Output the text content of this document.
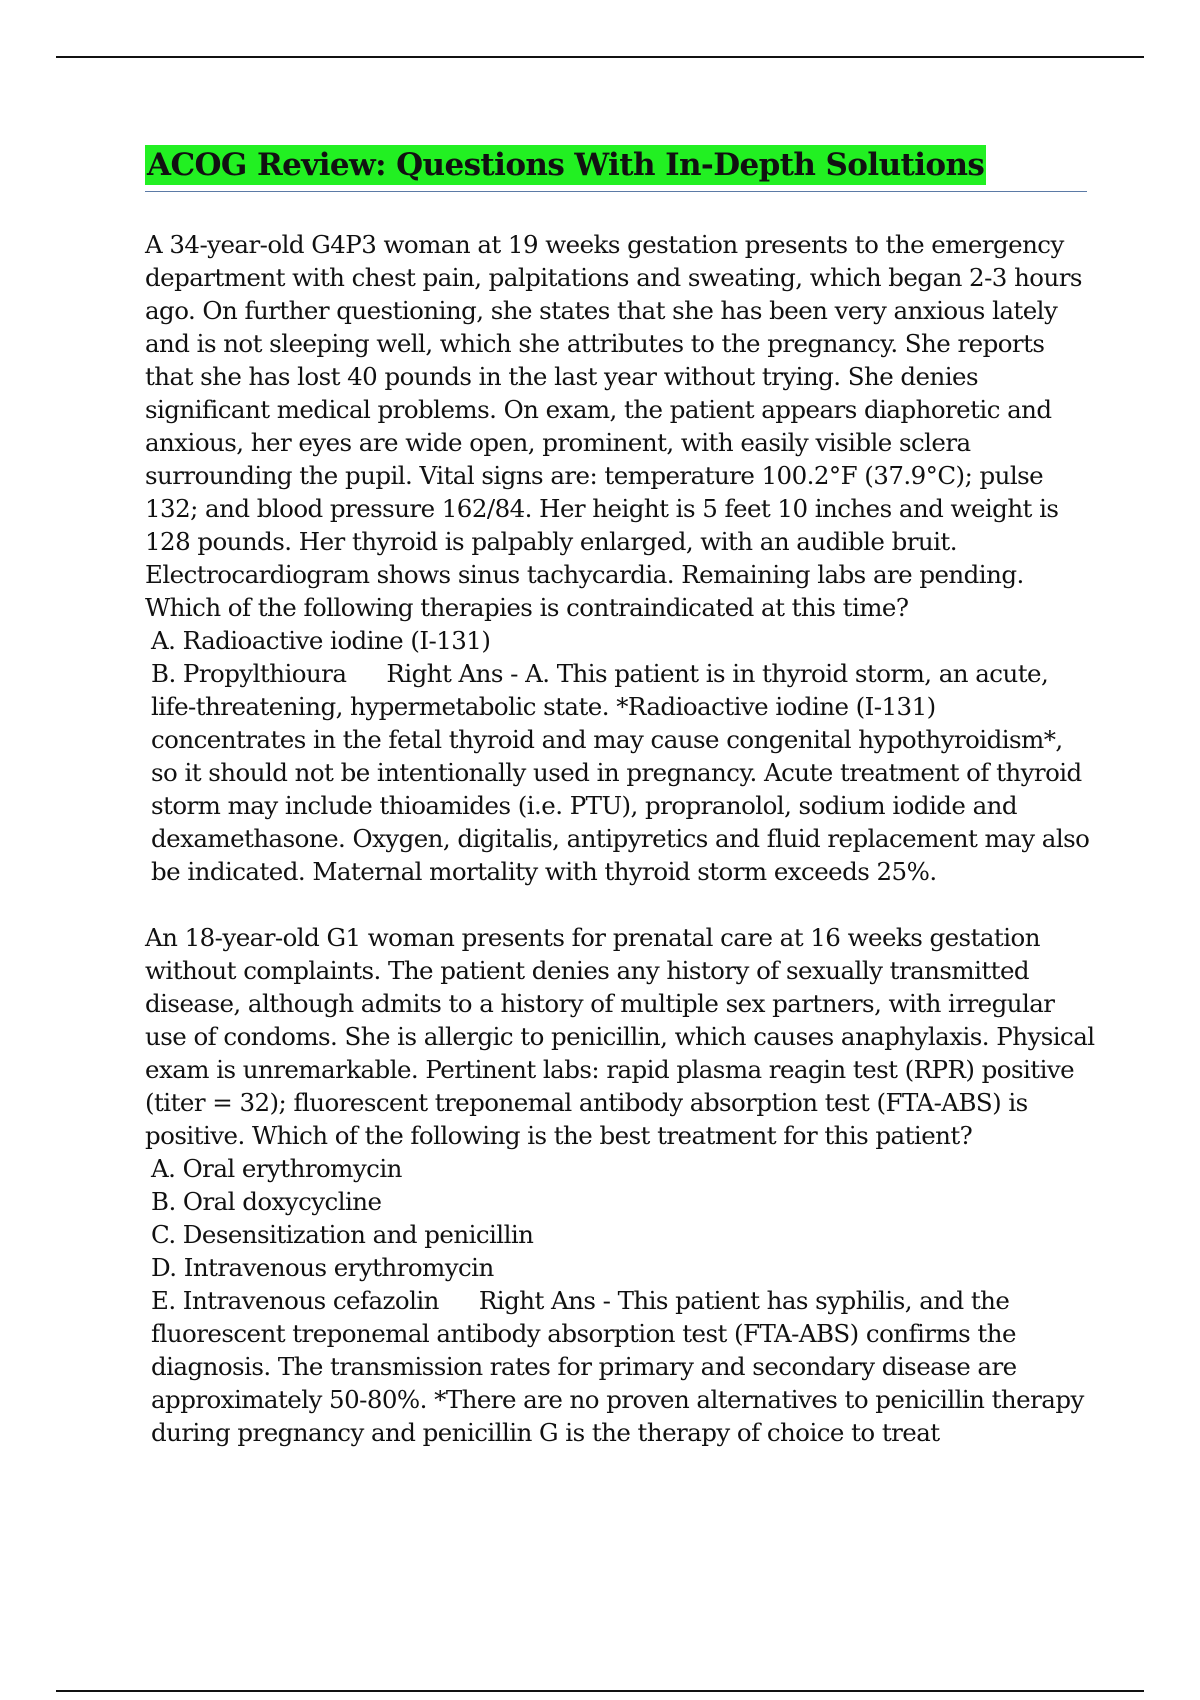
ACOG Review: Questions With In-Depth Solutions

A 34-year-old G4P3 woman at 19 weeks gestation presents to the emergency department with chest pain, palpitations and sweating, which began 2-3 hours ago. On further questioning, she states that she has been very anxious lately and is not sleeping well, which she attributes to the pregnancy. She reports that she has lost 40 pounds in the last year without trying. She denies significant medical problems. On exam, the patient appears diaphoretic and anxious, her eyes are wide open, prominent, with easily visible sclera surrounding the pupil. Vital signs are: temperature 100.2°F (37.9°C); pulse 132; and blood pressure 162/84. Her height is 5 feet 10 inches and weight is 128 pounds. Her thyroid is palpably enlarged, with an audible bruit. Electrocardiogram shows sinus tachycardia. Remaining labs are pending. Which of the following therapies is contraindicated at this time?

A. Radioactive iodine (I-131)

B. Propylthioura Right Ans - A. This patient is in thyroid storm, an acute, life-threatening, hypermetabolic state. *Radioactive iodine (I-131) concentrates in the fetal thyroid and may cause congenital hypothyroidism*, so it should not be intentionally used in pregnancy. Acute treatment of thyroid storm may include thioamides (i.e. PTU), propranolol, sodium iodide and dexamethasone. Oxygen, digitalis, antipyretics and fluid replacement may also be indicated. Maternal mortality with thyroid storm exceeds 25%.

An 18-year-old G1 woman presents for prenatal care at 16 weeks gestation without complaints. The patient denies any history of sexually transmitted disease, although admits to a history of multiple sex partners, with irregular use of condoms. She is allergic to penicillin, which causes anaphylaxis. Physical exam is unremarkable. Pertinent labs: rapid plasma reagin test (RPR) positive (titer = 32); fluorescent treponemal antibody absorption test (FTA-ABS) is positive. Which of the following is the best treatment for this patient?

A. Oral erythromycin

B. Oral doxycycline

C. Desensitization and penicillin

D. Intravenous erythromycin

E. Intravenous cefazolin Right Ans - This patient has syphilis, and the fluorescent treponemal antibody absorption test (FTA-ABS) confirms the diagnosis. The transmission rates for primary and secondary disease are approximately 50-80%. *There are no proven alternatives to penicillin therapy during pregnancy and penicillin G is the therapy of choice to treat
